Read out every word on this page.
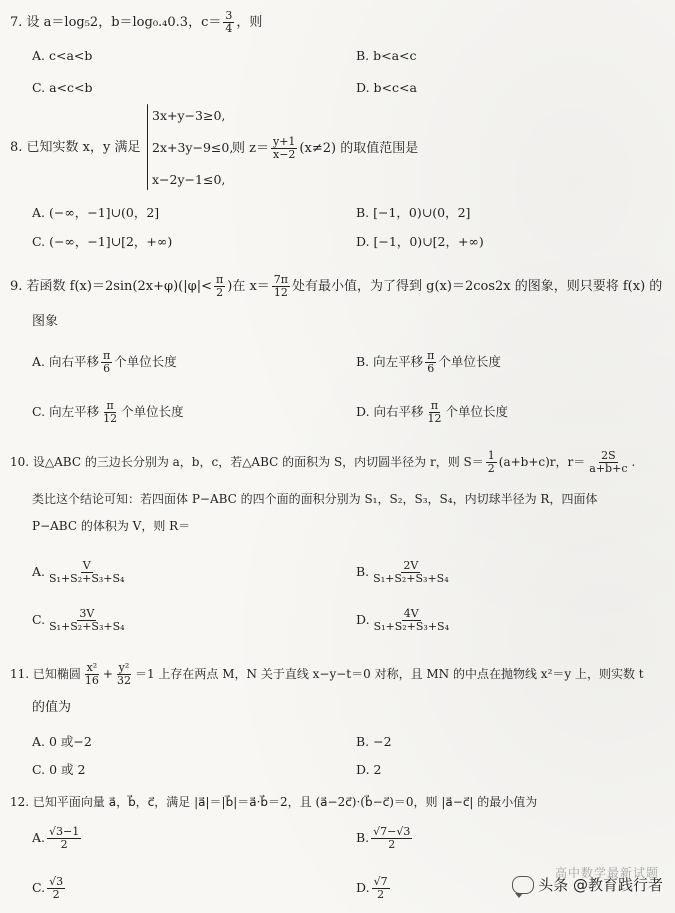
7. 设 a＝log₅2，b＝log₀.₄0.3，$c= \frac{3}{4}$ ，则
A. c<a<b	B. b<a<c
C. a<c<b	D. b<c<a
8. 已知实数 x，y 满足
3x+y−3≥0,
2x+3y−9≤0,
x−2y−1≤0,
则 $z= \frac{y+1}{x-2} (x\ne 2)$ 的取值范围是
A. (−∞，−1]∪(0，2]	B. [−1，0)∪(0，2]
C. (−∞，−1]∪[2，+∞)	D. [−1，0)∪[2，+∞)
9. 若函数 $f(x)=2\sin(2x+\varphi)(|\varphi|< \frac{\pi}{2}$ )在 $x= \frac{7\pi}{12}$ 处有最小值，为了得到 g(x)＝2cos2x 的图象，则只要将 f(x) 的
图象
A. 向右平移 $\frac{\pi}{6}$ 个单位长度	B. 向左平移 $\frac{\pi}{6}$ 个单位长度
C. 向左平移 $\frac{\pi}{12}$ 个单位长度	D. 向右平移 $\frac{\pi}{12}$ 个单位长度
10. 设△ABC 的三边长分别为 a，b，c，若△ABC 的面积为 S，内切圆半径为 r，则 $S= \frac{1}{2} (a+b+c)r$，$r= \frac{2S}{a+b+c}$ .
类比这个结论可知：若四面体 P−ABC 的四个面的面积分别为 S₁，S₂，S₃，S₄，内切球半径为 R，四面体
P−ABC 的体积为 V，则 R＝
A. $\frac{V}{\text{S₁+S₂+S₃+S₄}}$	B. $\frac{2V}{\text{S₁+S₂+S₃+S₄}}$
C. $\frac{3V}{\text{S₁+S₂+S₃+S₄}}$	D. $\frac{4V}{\text{S₁+S₂+S₃+S₄}}$
11. 已知椭圆 $\frac{\text{x²}}{16} + \frac{\text{y²}}{32} =1$ 上存在两点 M，N 关于直线 x−y−t＝0 对称，且 MN 的中点在抛物线 x²＝y 上，则实数 t
的值为
A. 0 或−2	B. −2
C. 0 或 2	D. 2
12. 已知平面向量 a⃗，b⃗，c⃗，满足 |a⃗|＝|b⃗|＝a⃗·b⃗＝2，且 (a⃗−2c⃗)·(b⃗−c⃗)＝0，则 |a⃗−c⃗| 的最小值为
A. $\frac{√3-1}{2}$	B. $\frac{√7-√3}{2}$
C. $\frac{√3}{2}$	D. $\frac{√7}{2}$
高中数学最新试题
头条 @教育践行者
